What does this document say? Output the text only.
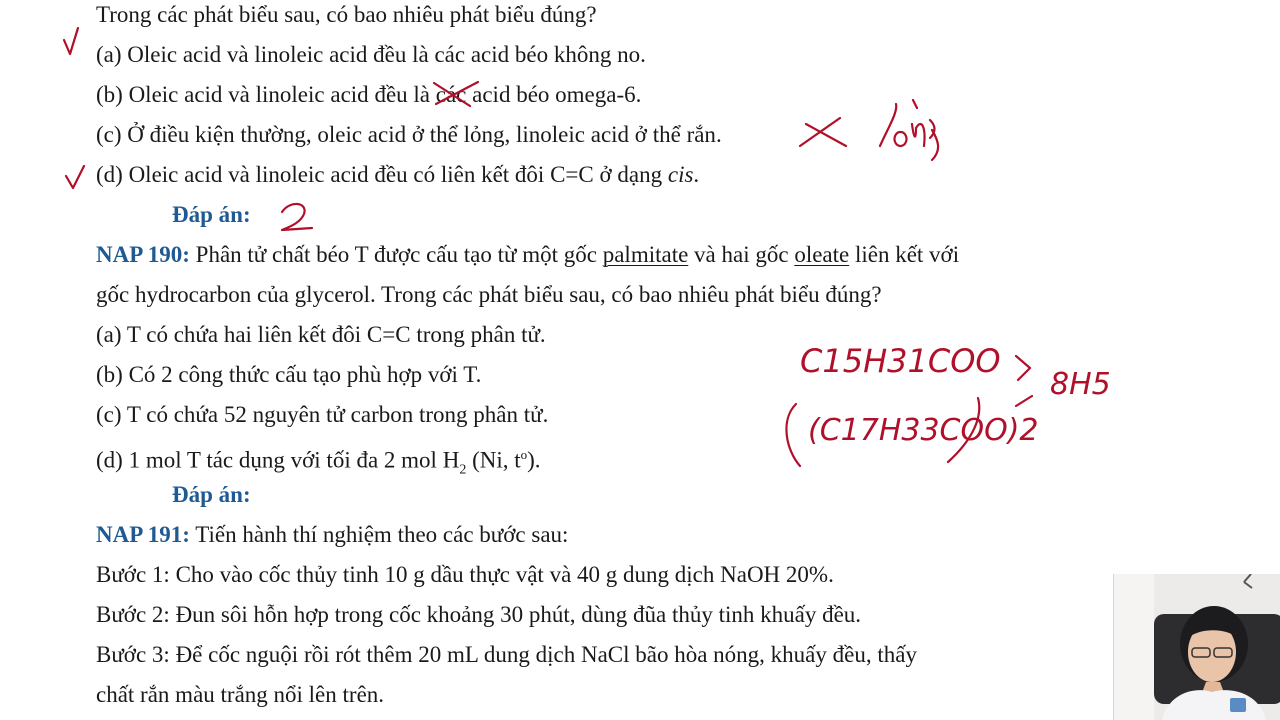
Trong các phát biểu sau, có bao nhiêu phát biểu đúng?
(a) Oleic acid và linoleic acid đều là các acid béo không no.
(b) Oleic acid và linoleic acid đều là các acid béo omega-6.
(c) Ở điều kiện thường, oleic acid ở thể lỏng, linoleic acid ở thể rắn.
(d) Oleic acid và linoleic acid đều có liên kết đôi C=C ở dạng cis.
Đáp án:
NAP 190: Phân tử chất béo T được cấu tạo từ một gốc palmitate và hai gốc oleate liên kết với
gốc hydrocarbon của glycerol. Trong các phát biểu sau, có bao nhiêu phát biểu đúng?
(a) T có chứa hai liên kết đôi C=C trong phân tử.
(b) Có 2 công thức cấu tạo phù hợp với T.
(c) T có chứa 52 nguyên tử carbon trong phân tử.
(d) 1 mol T tác dụng với tối đa 2 mol $H_2$ (Ni, $t^o$).
Đáp án:
NAP 191: Tiến hành thí nghiệm theo các bước sau:
Bước 1: Cho vào cốc thủy tinh 10 g dầu thực vật và 40 g dung dịch NaOH 20%.
Bước 2: Đun sôi hỗn hợp trong cốc khoảng 30 phút, dùng đũa thủy tinh khuấy đều.
Bước 3: Để cốc nguội rồi rót thêm 20 mL dung dịch NaCl bão hòa nóng, khuấy đều, thấy
chất rắn màu trắng nổi lên trên.
C15H31COO
(C17H33COO)2
8H5
